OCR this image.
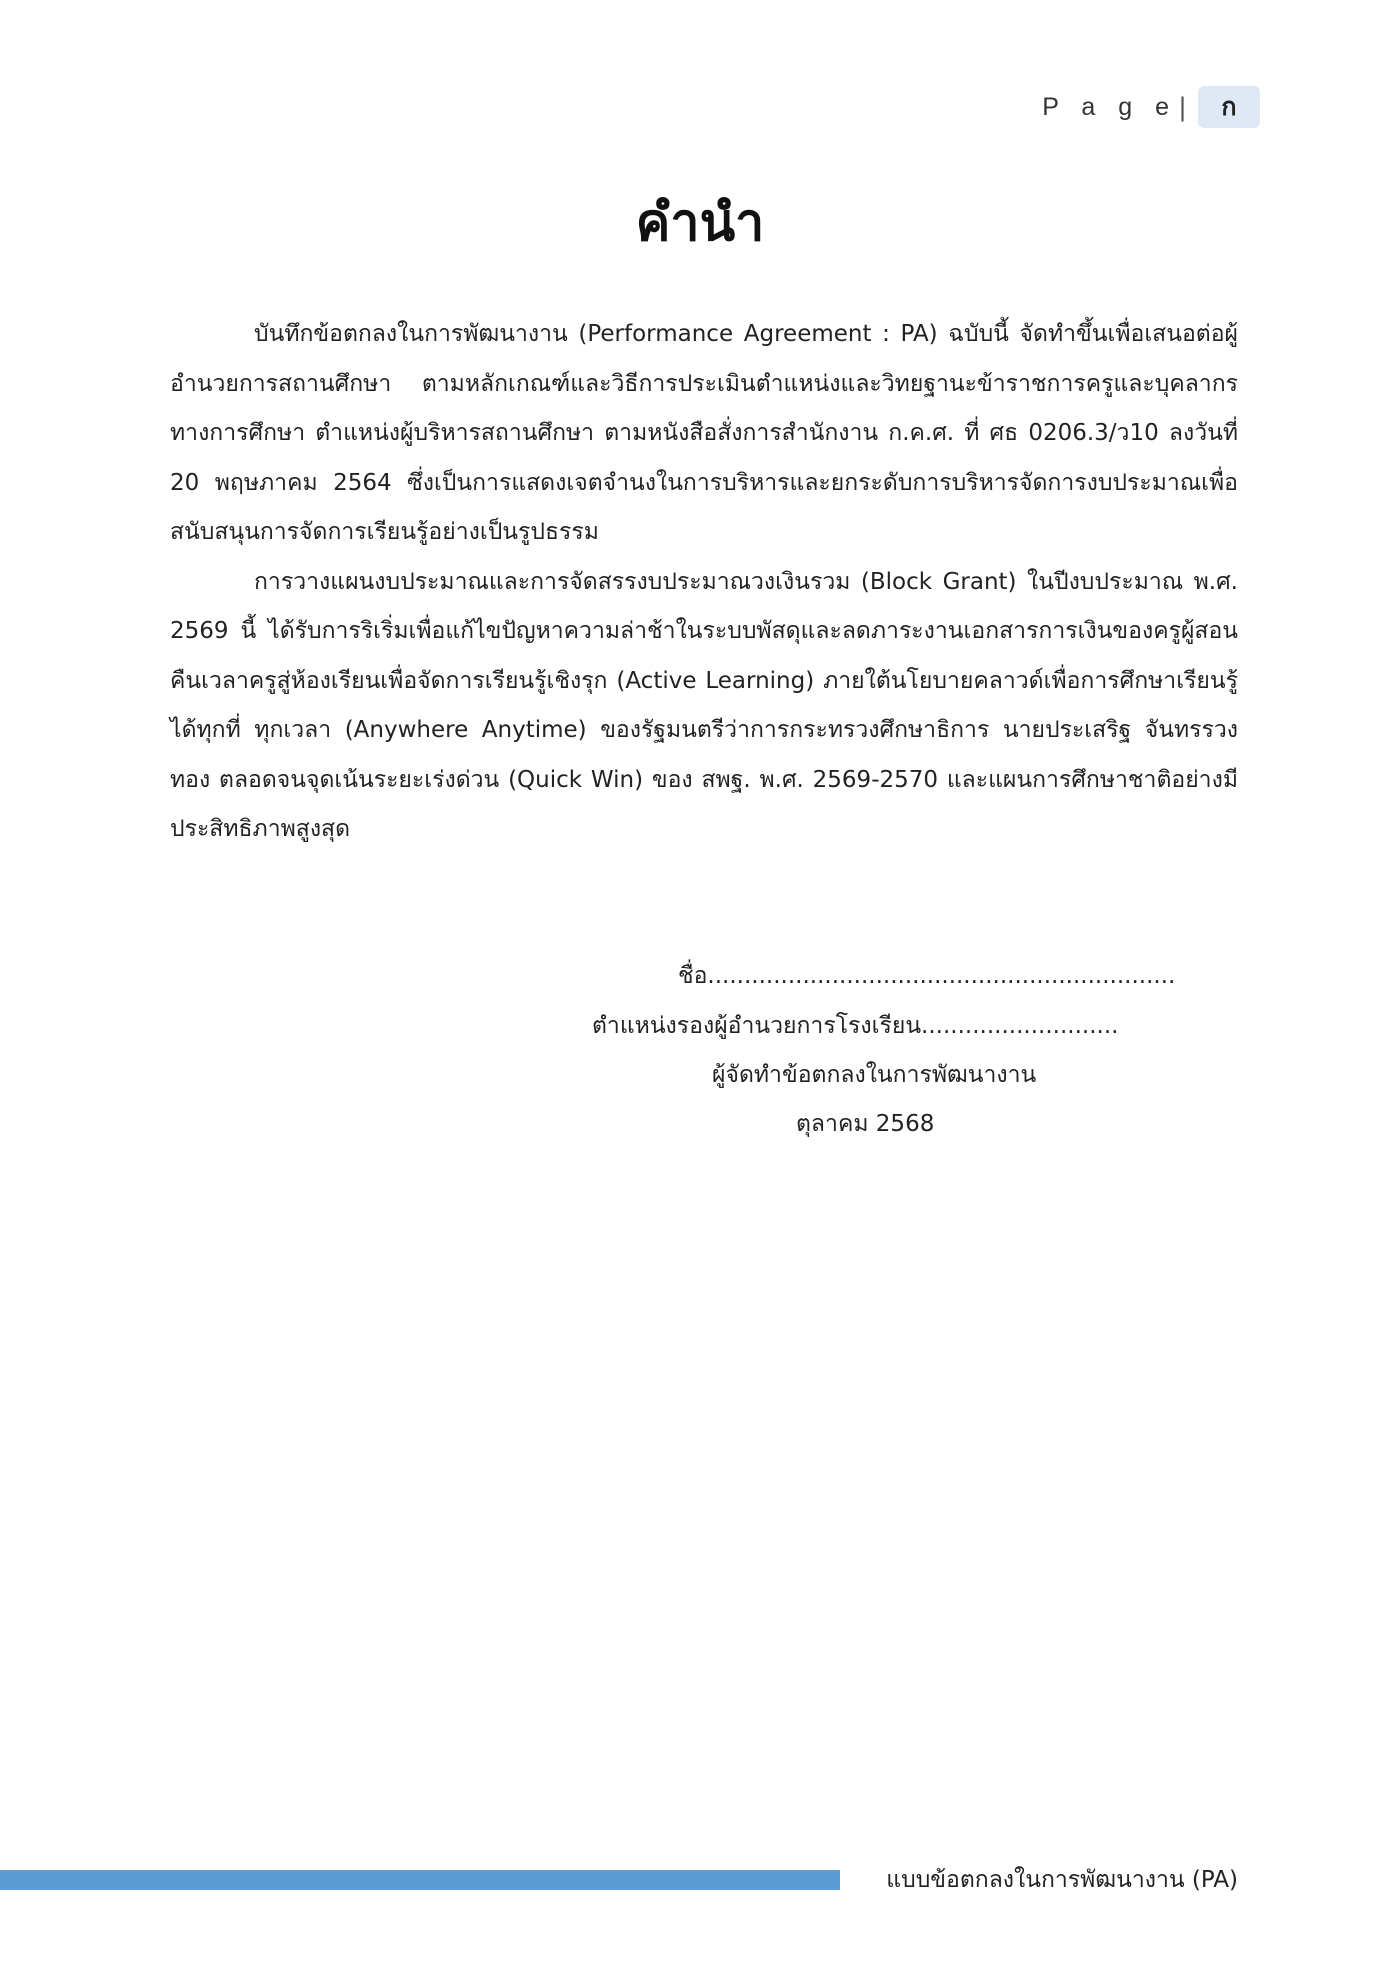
P a g e |	ก
คำนำ

บันทึกข้อตกลงในการพัฒนางาน (Performance Agreement : PA) ฉบับนี้ จัดทำขึ้นเพื่อเสนอต่อผู้อำนวยการสถานศึกษา ตามหลักเกณฑ์และวิธีการประเมินตำแหน่งและวิทยฐานะข้าราชการครูและบุคลากรทางการศึกษา ตำแหน่งผู้บริหารสถานศึกษา ตามหนังสือสั่งการสำนักงาน ก.ค.ศ. ที่ ศธ 0206.3/ว10 ลงวันที่ 20 พฤษภาคม 2564 ซึ่งเป็นการแสดงเจตจำนงในการบริหารและยกระดับการบริหารจัดการงบประมาณเพื่อสนับสนุนการจัดการเรียนรู้อย่างเป็นรูปธรรม

การวางแผนงบประมาณและการจัดสรรงบประมาณวงเงินรวม (Block Grant) ในปีงบประมาณ พ.ศ. 2569 นี้ ได้รับการริเริ่มเพื่อแก้ไขปัญหาความล่าช้าในระบบพัสดุและลดภาระงานเอกสารการเงินของครูผู้สอน คืนเวลาครูสู่ห้องเรียนเพื่อจัดการเรียนรู้เชิงรุก (Active Learning) ภายใต้นโยบายคลาวด์เพื่อการศึกษาเรียนรู้ได้ทุกที่ ทุกเวลา (Anywhere Anytime) ของรัฐมนตรีว่าการกระทรวงศึกษาธิการ นายประเสริฐ จันทรรวงทอง ตลอดจนจุดเน้นระยะเร่งด่วน (Quick Win) ของ สพฐ. พ.ศ. 2569-2570 และแผนการศึกษาชาติอย่างมีประสิทธิภาพสูงสุด

ชื่อ................................................................
ตำแหน่งรองผู้อำนวยการโรงเรียน...........................
ผู้จัดทำข้อตกลงในการพัฒนางาน
ตุลาคม 2568
แบบข้อตกลงในการพัฒนางาน (PA)
